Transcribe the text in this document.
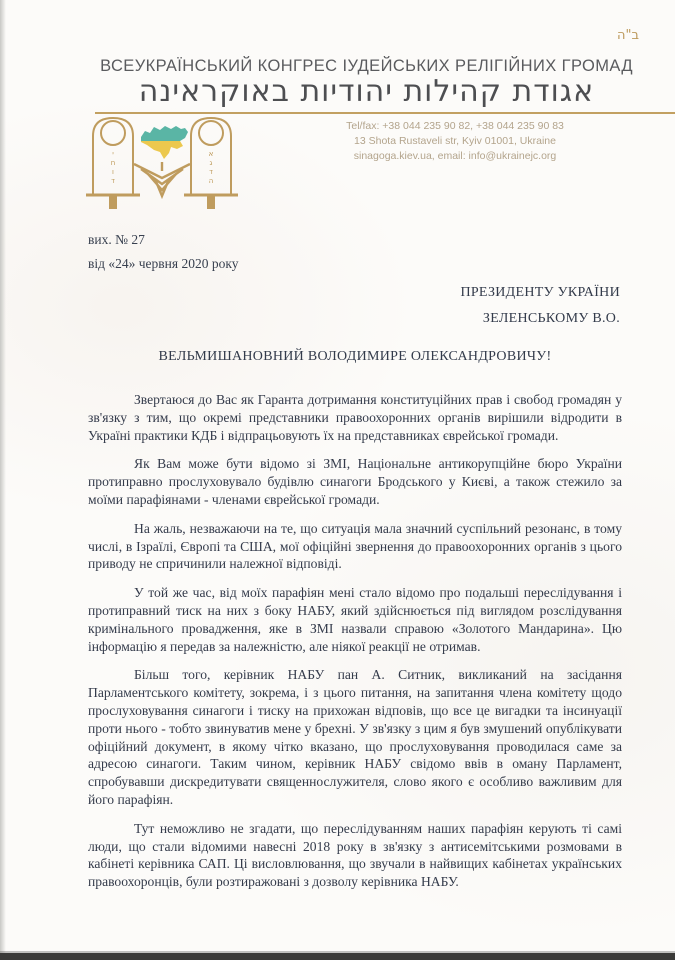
ב"ה
ВСЕУКРАЇНСЬКИЙ КОНГРЕС ІУДЕЙСЬКИХ РЕЛІГІЙНИХ ГРОМАД
אגודת קהילות יהודיות באוקראינה
י
ח
ו
ד
א
ג
ד
ה
Tel/fax: +38 044 235 90 82, +38 044 235 90 83
13 Shota Rustaveli str, Kyiv 01001, Ukraine
sinagoga.kiev.ua, email: info@ukrainejc.org
вих. № 27
від «24» червня 2020 року
ПРЕЗИДЕНТУ УКРАЇНИ
ЗЕЛЕНСЬКОМУ В.О.
ВЕЛЬМИШАНОВНИЙ ВОЛОДИМИРЕ ОЛЕКСАНДРОВИЧУ!

Звертаюся до Вас як Гаранта дотримання конституційних прав і свобод громадян у зв'язку з тим, що окремі представники правоохоронних органів вирішили відродити в Україні практики КДБ і відпрацьовують їх на представниках єврейської громади.

Як Вам може бути відомо зі ЗМІ, Національне антикорупційне бюро України протиправно прослуховувало будівлю синагоги Бродського у Києві, а також стежило за моїми парафіянами - членами єврейської громади.

На жаль, незважаючи на те, що ситуація мала значний суспільний резонанс, в тому числі, в Ізраїлі, Європі та США, мої офіційні звернення до правоохоронних органів з цього приводу не спричинили належної відповіді.

У той же час, від моїх парафіян мені стало відомо про подальші переслідування і протиправний тиск на них з боку НАБУ, який здійснюється під виглядом розслідування кримінального провадження, яке в ЗМІ назвали справою «Золотого Мандарина». Цю інформацію я передав за належністю, але ніякої реакції не отримав.

Більш того, керівник НАБУ пан А. Ситник, викликаний на засідання Парламентського комітету, зокрема, і з цього питання, на запитання члена комітету щодо прослуховування синагоги і тиску на прихожан відповів, що все це вигадки та інсинуації проти нього - тобто звинуватив мене у брехні. У зв'язку з цим я був змушений опублікувати офіційний документ, в якому чітко вказано, що прослуховування проводилася саме за адресою синагоги. Таким чином, керівник НАБУ свідомо ввів в оману Парламент, спробувавши дискредитувати священнослужителя, слово якого є особливо важливим для його парафіян.

Тут неможливо не згадати, що переслідуванням наших парафіян керують ті самі люди, що стали відомими навесні 2018 року в зв'язку з антисемітськими розмовами в кабінеті керівника САП. Ці висловлювання, що звучали в найвищих кабінетах українських правоохоронців, були розтиражовані з дозволу керівника НАБУ.
